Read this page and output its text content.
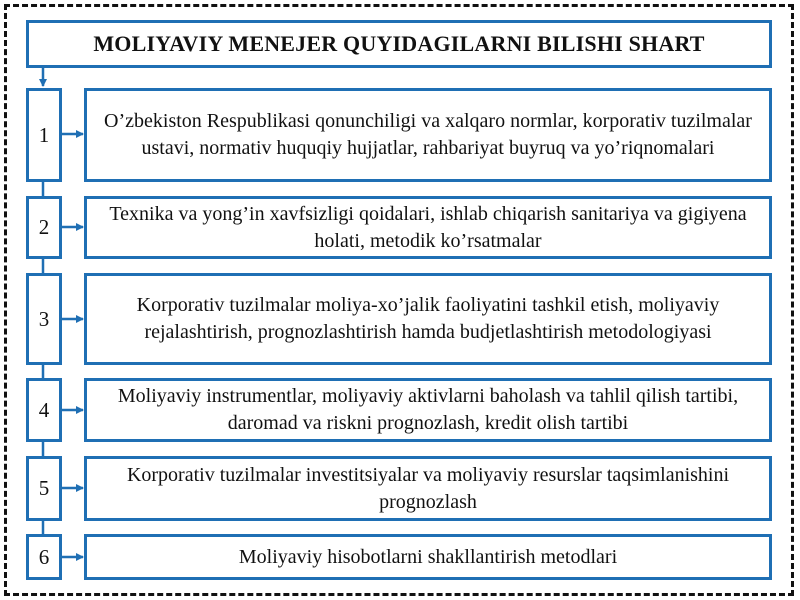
MOLIYAVIY MENEJER QUYIDAGILARNI BILISHI SHART
1
O’zbekiston Respublikasi qonunchiligi va xalqaro normlar, korporativ tuzilmalar ustavi, normativ huquqiy hujjatlar, rahbariyat buyruq va yo’riqnomalari
2
Texnika va yong’in xavfsizligi qoidalari, ishlab chiqarish sanitariya va gigiyena holati, metodik ko’rsatmalar
3
Korporativ tuzilmalar moliya-xo’jalik faoliyatini tashkil etish, moliyaviy rejalashtirish, prognozlashtirish hamda budjetlashtirish metodologiyasi
4
Moliyaviy instrumentlar, moliyaviy aktivlarni baholash va tahlil qilish tartibi, daromad va riskni prognozlash, kredit olish tartibi
5
Korporativ tuzilmalar investitsiyalar va moliyaviy resurslar taqsimlanishini prognozlash
6	Moliyaviy hisobotlarni shakllantirish metodlari
